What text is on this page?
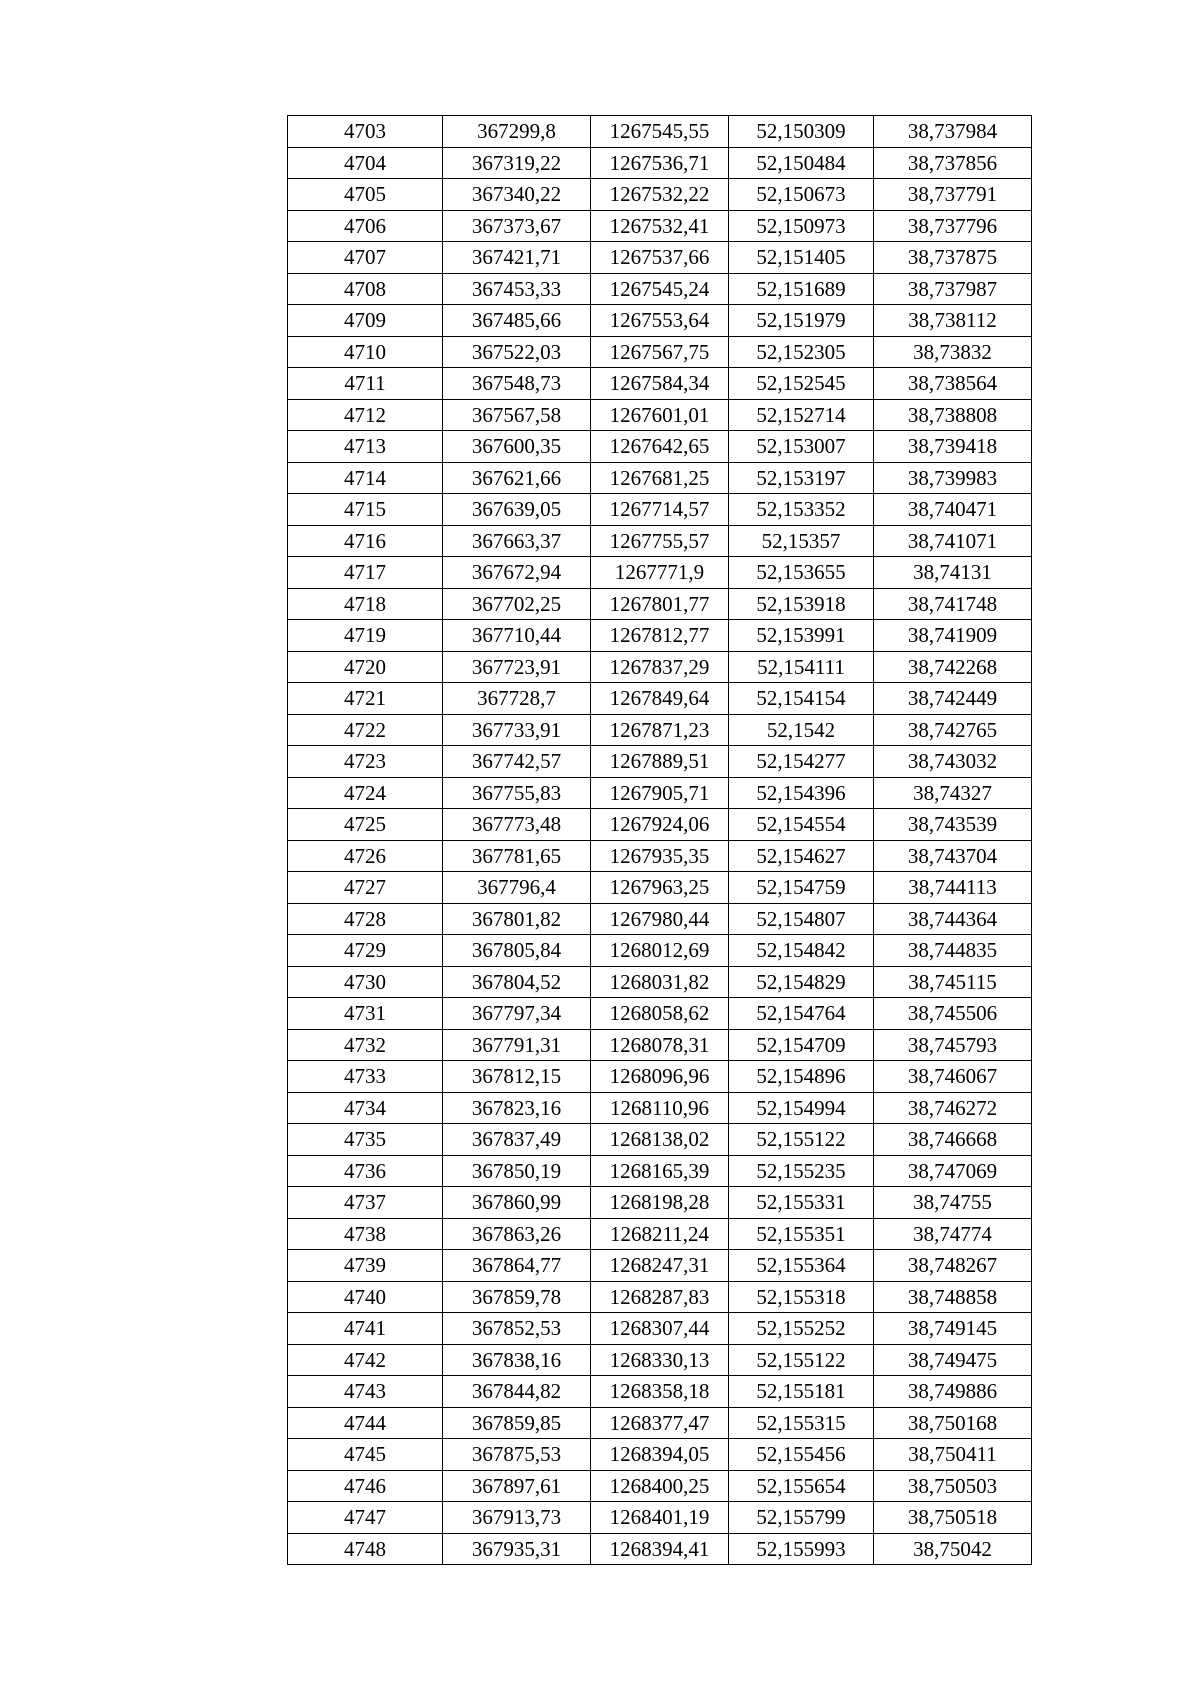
4703	367299,8	1267545,55	52,150309	38,737984
4704	367319,22	1267536,71	52,150484	38,737856
4705	367340,22	1267532,22	52,150673	38,737791
4706	367373,67	1267532,41	52,150973	38,737796
4707	367421,71	1267537,66	52,151405	38,737875
4708	367453,33	1267545,24	52,151689	38,737987
4709	367485,66	1267553,64	52,151979	38,738112
4710	367522,03	1267567,75	52,152305	38,73832
4711	367548,73	1267584,34	52,152545	38,738564
4712	367567,58	1267601,01	52,152714	38,738808
4713	367600,35	1267642,65	52,153007	38,739418
4714	367621,66	1267681,25	52,153197	38,739983
4715	367639,05	1267714,57	52,153352	38,740471
4716	367663,37	1267755,57	52,15357	38,741071
4717	367672,94	1267771,9	52,153655	38,74131
4718	367702,25	1267801,77	52,153918	38,741748
4719	367710,44	1267812,77	52,153991	38,741909
4720	367723,91	1267837,29	52,154111	38,742268
4721	367728,7	1267849,64	52,154154	38,742449
4722	367733,91	1267871,23	52,1542	38,742765
4723	367742,57	1267889,51	52,154277	38,743032
4724	367755,83	1267905,71	52,154396	38,74327
4725	367773,48	1267924,06	52,154554	38,743539
4726	367781,65	1267935,35	52,154627	38,743704
4727	367796,4	1267963,25	52,154759	38,744113
4728	367801,82	1267980,44	52,154807	38,744364
4729	367805,84	1268012,69	52,154842	38,744835
4730	367804,52	1268031,82	52,154829	38,745115
4731	367797,34	1268058,62	52,154764	38,745506
4732	367791,31	1268078,31	52,154709	38,745793
4733	367812,15	1268096,96	52,154896	38,746067
4734	367823,16	1268110,96	52,154994	38,746272
4735	367837,49	1268138,02	52,155122	38,746668
4736	367850,19	1268165,39	52,155235	38,747069
4737	367860,99	1268198,28	52,155331	38,74755
4738	367863,26	1268211,24	52,155351	38,74774
4739	367864,77	1268247,31	52,155364	38,748267
4740	367859,78	1268287,83	52,155318	38,748858
4741	367852,53	1268307,44	52,155252	38,749145
4742	367838,16	1268330,13	52,155122	38,749475
4743	367844,82	1268358,18	52,155181	38,749886
4744	367859,85	1268377,47	52,155315	38,750168
4745	367875,53	1268394,05	52,155456	38,750411
4746	367897,61	1268400,25	52,155654	38,750503
4747	367913,73	1268401,19	52,155799	38,750518
4748	367935,31	1268394,41	52,155993	38,75042
